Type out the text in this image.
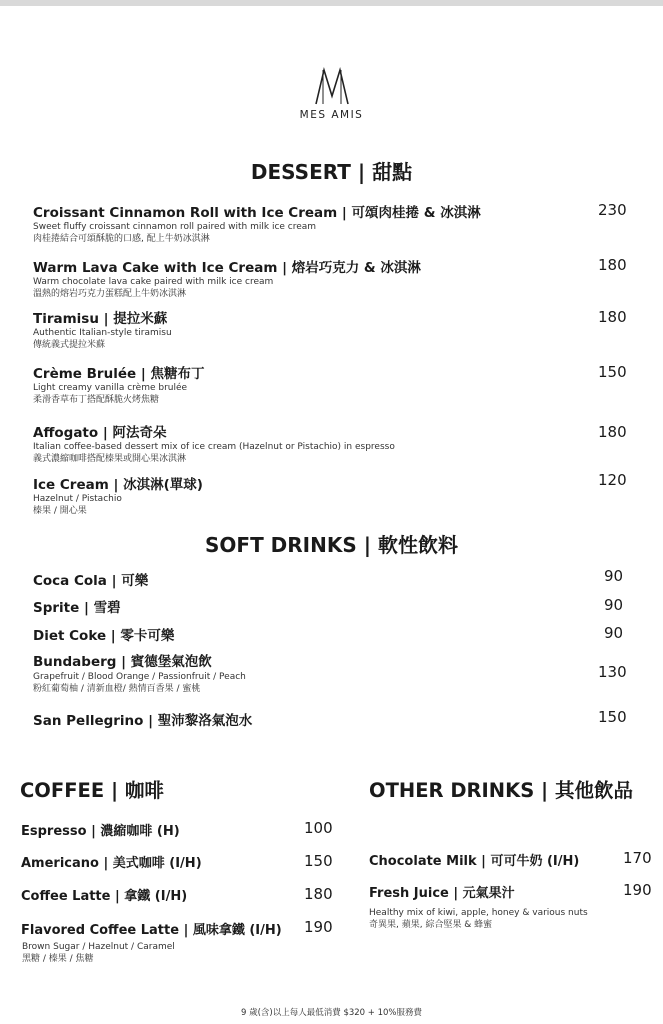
MES AMIS
DESSERT | 甜點
Croissant Cinnamon Roll with Ice Cream | 可頌肉桂捲 & 冰淇淋
Sweet fluffy croissant cinnamon roll paired with milk ice cream
肉桂捲結合可頌酥脆的口感, 配上牛奶冰淇淋
230
Warm Lava Cake with Ice Cream | 熔岩巧克力 & 冰淇淋
Warm chocolate lava cake paired with milk ice cream
溫熱的熔岩巧克力蛋糕配上牛奶冰淇淋
180
Tiramisu | 提拉米蘇
Authentic Italian-style tiramisu
傳統義式提拉米蘇
180
Crème Brulée | 焦糖布丁
Light creamy vanilla crème brulée
柔滑香草布丁搭配酥脆火烤焦糖
150
Affogato | 阿法奇朵
Italian coffee-based dessert mix of ice cream (Hazelnut or Pistachio) in espresso
義式濃縮咖啡搭配榛果或開心果冰淇淋
180
Ice Cream | 冰淇淋(單球)
Hazelnut / Pistachio
榛果 / 開心果
120
SOFT DRINKS | 軟性飲料
Coca Cola | 可樂	90
Sprite | 雪碧	90
Diet Coke | 零卡可樂	90
Bundaberg | 賓德堡氣泡飲
Grapefruit / Blood Orange / Passionfruit / Peach
粉紅葡萄柚 / 清新血橙/ 熱情百香果 / 蜜桃
130
San Pellegrino | 聖沛黎洛氣泡水	150
COFFEE | 咖啡
Espresso | 濃縮咖啡 (H)	100
Americano | 美式咖啡 (I/H)	150
Coffee Latte | 拿鐵 (I/H)	180
Flavored Coffee Latte | 風味拿鐵 (I/H)
Brown Sugar / Hazelnut / Caramel
黑糖 / 榛果 / 焦糖
190
OTHER DRINKS | 其他飲品
Chocolate Milk | 可可牛奶 (I/H)	170
Fresh Juice | 元氣果汁
Healthy mix of kiwi, apple, honey & various nuts
奇異果, 蘋果, 綜合堅果 & 蜂蜜
190
9 歲(含)以上每人最低消費 $320 + 10%服務費
